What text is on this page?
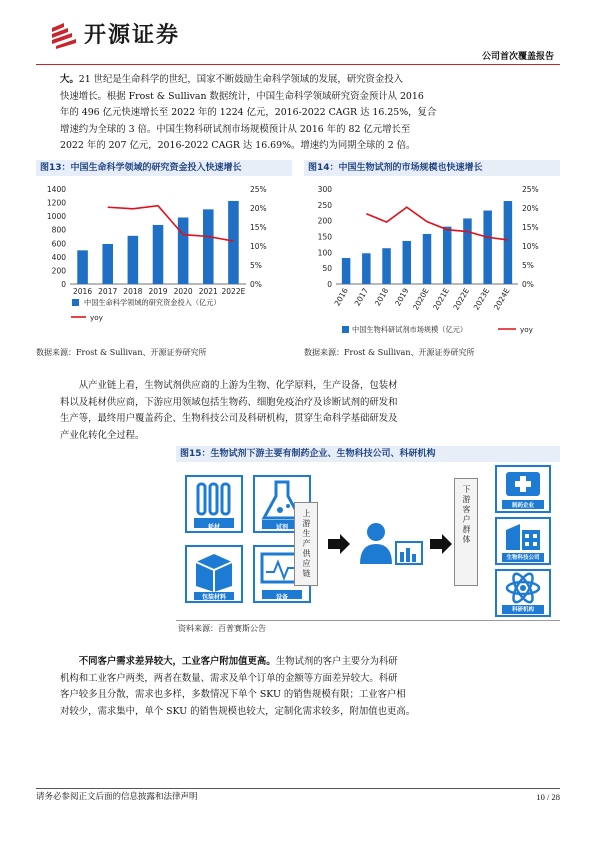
开源证券
公司首次覆盖报告
大。21 世纪是生命科学的世纪，国家不断鼓励生命科学领域的发展，研究资金投入
快速增长。根据 Frost & Sullivan 数据统计，中国生命科学领域研究资金预计从 2016
年的 496 亿元快速增长至 2022 年的 1224 亿元，2016-2022 CAGR 达 16.25%，复合
增速约为全球的 3 倍。中国生物科研试剂市场规模预计从 2016 年的 82 亿元增长至
2022 年的 207 亿元，2016-2022 CAGR 达 16.69%。增速约为同期全球的 2 倍。
图13：中国生命科学领域的研究资金投入快速增长
0
200
400
600
800
1000
1200
1400
0%
5%
10%
15%
20%
25%
2016 2017 2018 2019 2020 2021 2022E
中国生命科学领域的研究资金投入（亿元）
yoy
数据来源：Frost & Sullivan、开源证券研究所
图14：中国生物试剂的市场规模也快速增长
0
50
100
150
200
250
300
0%
5%
10%
15%
20%
25%
2016 2017 2018 2019 2020E 2021E 2022E 2023E 2024E
中国生物科研试剂市场规模（亿元）	yoy
数据来源：Frost & Sullivan、开源证券研究所
从产业链上看，生物试剂供应商的上游为生物、化学原料，生产设备，包装材
料以及耗材供应商，下游应用领域包括生物药、细胞免疫治疗及诊断试剂的研发和
生产等，最终用户覆盖药企、生物科技公司及科研机构，贯穿生命科学基础研发及
产业化转化全过程。
图15：生物试剂下游主要有制药企业、生物科技公司、科研机构
耗材	试剂
包装材料	设备
上游生产供应链	下游客户群体	制药企业
生物科技公司
科研机构
资料来源：百普赛斯公告
不同客户需求差异较大，工业客户附加值更高。生物试剂的客户主要分为科研
机构和工业客户两类，两者在数量、需求及单个订单的金额等方面差异较大。科研
客户较多且分散，需求也多样，多数情况下单个 SKU 的销售规模有限；工业客户相
对较少，需求集中，单个 SKU 的销售规模也较大，定制化需求较多，附加值也更高。
请务必参阅正文后面的信息披露和法律声明	10 / 28
